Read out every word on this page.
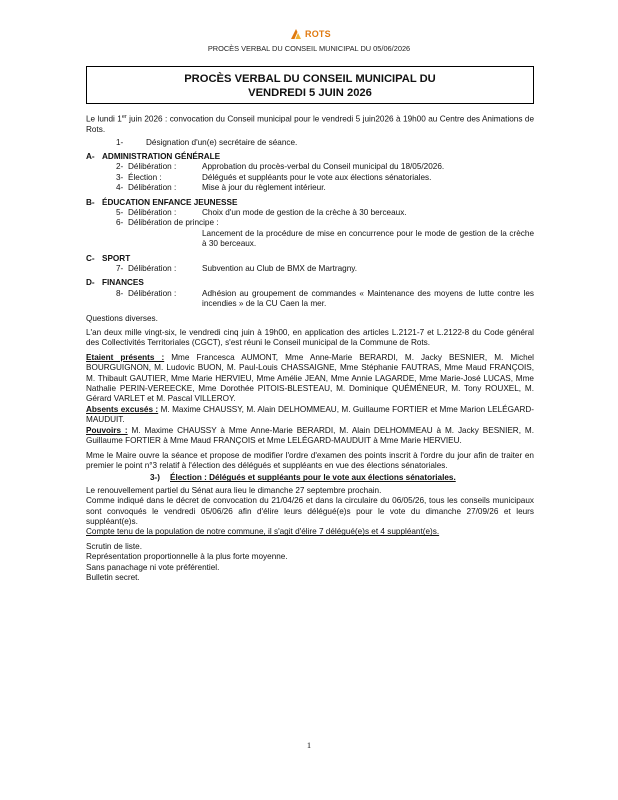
ROTS
PROCÈS VERBAL DU CONSEIL MUNICIPAL DU 05/06/2026
PROCÈS VERBAL DU CONSEIL MUNICIPAL DU
VENDREDI 5 JUIN 2026

Le lundi 1er juin 2026 : convocation du Conseil municipal pour le vendredi 5 juin2026 à 19h00 au Centre des Animations de Rots.

1-	Désignation d'un(e) secrétaire de séance.
A- ADMINISTRATION GÉNÉRALE
2- Délibération :	Approbation du procès-verbal du Conseil municipal du 18/05/2026.
3- Élection :	Délégués et suppléants pour le vote aux élections sénatoriales.
4- Délibération :	Mise à jour du règlement intérieur.
B- ÉDUCATION ENFANCE JEUNESSE
5- Délibération :	Choix d'un mode de gestion de la crèche à 30 berceaux.
6- Délibération de principe :
Lancement de la procédure de mise en concurrence pour le mode de gestion de la crèche à 30 berceaux.
C- SPORT
7- Délibération :	Subvention au Club de BMX de Martragny.
D- FINANCES
8- Délibération :	Adhésion au groupement de commandes « Maintenance des moyens de lutte contre les incendies » de la CU Caen la mer.

Questions diverses.

L'an deux mille vingt-six, le vendredi cinq juin à 19h00, en application des articles L.2121-7 et L.2122-8 du Code général des Collectivités Territoriales (CGCT), s'est réuni le Conseil municipal de la Commune de Rots.

Etaient présents : Mme Francesca AUMONT, Mme Anne-Marie BERARDI, M. Jacky BESNIER, M. Michel BOURGUIGNON, M. Ludovic BUON, M. Paul-Louis CHASSAIGNE, Mme Stéphanie FAUTRAS, Mme Maud FRANÇOIS, M. Thibault GAUTIER, Mme Marie HERVIEU, Mme Amélie JEAN, Mme Annie LAGARDE, Mme Marie-José LUCAS, Mme Nathalie PERIN-VEREECKE, Mme Dorothée PITOIS-BLESTEAU, M. Dominique QUÉMÉNEUR, M. Tony ROUXEL, M. Gérard VARLET et M. Pascal VILLEROY.

Absents excusés : M. Maxime CHAUSSY, M. Alain DELHOMMEAU, M. Guillaume FORTIER et Mme Marion LELÉGARD-MAUDUIT.

Pouvoirs : M. Maxime CHAUSSY à Mme Anne-Marie BERARDI, M. Alain DELHOMMEAU à M. Jacky BESNIER, M. Guillaume FORTIER à Mme Maud FRANÇOIS et Mme LELÉGARD-MAUDUIT à Mme Marie HERVIEU.

Mme le Maire ouvre la séance et propose de modifier l'ordre d'examen des points inscrit à l'ordre du jour afin de traiter en premier le point n°3 relatif à l'élection des délégués et suppléants en vue des élections sénatoriales.

3-)	Élection : Délégués et suppléants pour le vote aux élections sénatoriales.

Le renouvellement partiel du Sénat aura lieu le dimanche 27 septembre prochain.

Comme indiqué dans le décret de convocation du 21/04/26 et dans la circulaire du 06/05/26, tous les conseils municipaux sont convoqués le vendredi 05/06/26 afin d'élire leurs délégué(e)s pour le vote du dimanche 27/09/26 et leurs suppléant(e)s.

Compte tenu de la population de notre commune, il s'agit d'élire 7 délégué(e)s et 4 suppléant(e)s.

Scrutin de liste.

Représentation proportionnelle à la plus forte moyenne.

Sans panachage ni vote préférentiel.

Bulletin secret.

1
